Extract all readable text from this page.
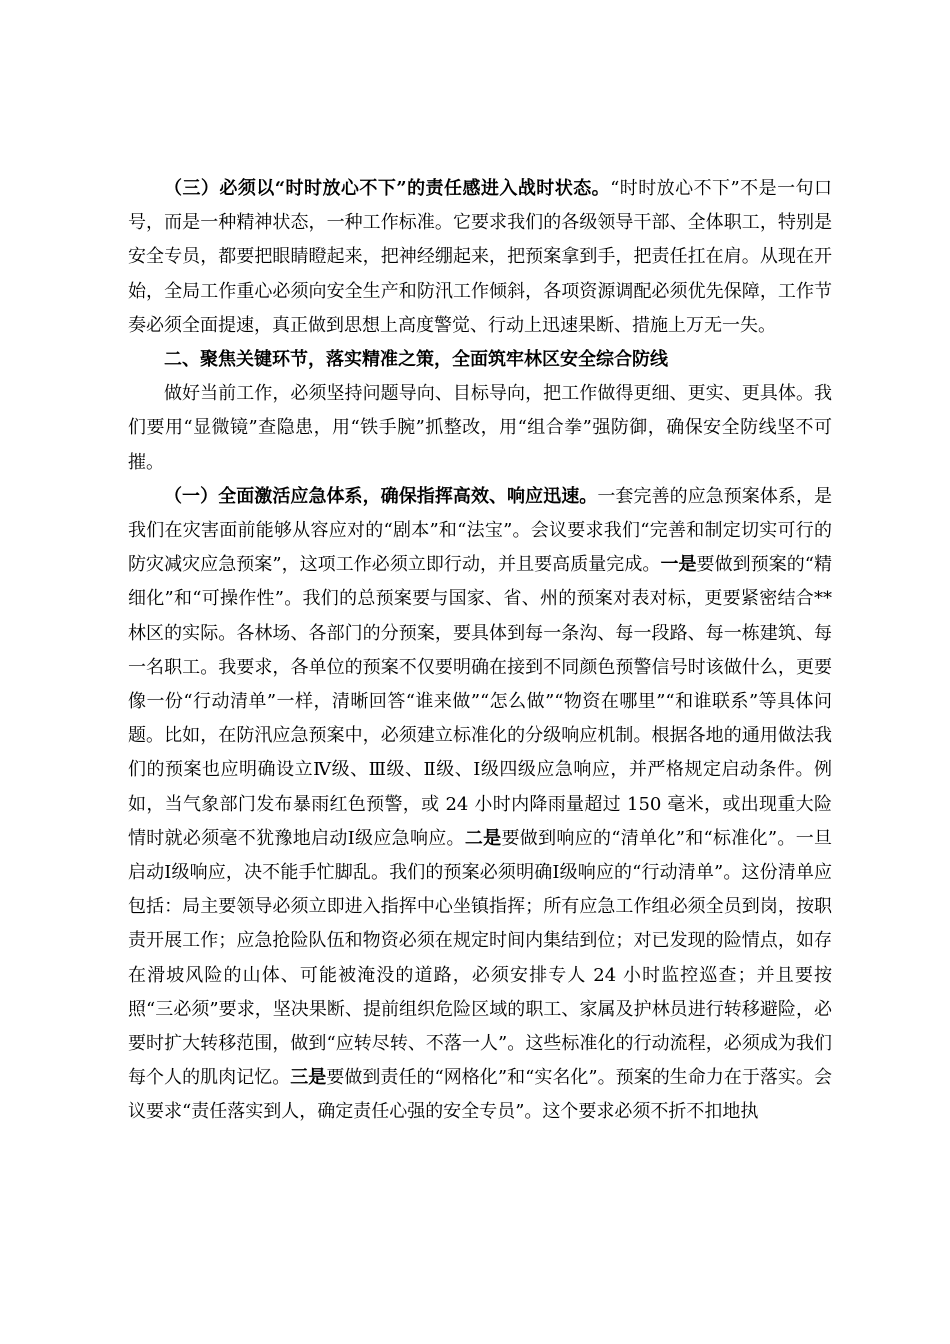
（三）必须以“时时放心不下”的责任感进入战时状态。“时时放心不下”不是一句口号，而是一种精神状态，一种工作标准。它要求我们的各级领导干部、全体职工，特别是安全专员，都要把眼睛瞪起来，把神经绷起来，把预案拿到手，把责任扛在肩。从现在开始，全局工作重心必须向安全生产和防汛工作倾斜，各项资源调配必须优先保障，工作节奏必须全面提速，真正做到思想上高度警觉、行动上迅速果断、措施上万无一失。

二、聚焦关键环节，落实精准之策，全面筑牢林区安全综合防线

做好当前工作，必须坚持问题导向、目标导向，把工作做得更细、更实、更具体。我们要用“显微镜”查隐患，用“铁手腕”抓整改，用“组合拳”强防御，确保安全防线坚不可摧。

（一）全面激活应急体系，确保指挥高效、响应迅速。一套完善的应急预案体系，是我们在灾害面前能够从容应对的“剧本”和“法宝”。会议要求我们“完善和制定切实可行的防灾减灾应急预案”，这项工作必须立即行动，并且要高质量完成。一是要做到预案的“精细化”和“可操作性”。我们的总预案要与国家、省、州的预案对表对标，更要紧密结合**林区的实际。各林场、各部门的分预案，要具体到每一条沟、每一段路、每一栋建筑、每一名职工。我要求，各单位的预案不仅要明确在接到不同颜色预警信号时该做什么，更要像一份“行动清单”一样，清晰回答“谁来做”“怎么做”“物资在哪里”“和谁联系”等具体问题。比如，在防汛应急预案中，必须建立标准化的分级响应机制。根据各地的通用做法我们的预案也应明确设立Ⅳ级、Ⅲ级、Ⅱ级、Ⅰ级四级应急响应，并严格规定启动条件。例如，当气象部门发布暴雨红色预警，或 24 小时内降雨量超过 150 毫米，或出现重大险情时就必须毫不犹豫地启动Ⅰ级应急响应。二是要做到响应的“清单化”和“标准化”。一旦启动Ⅰ级响应，决不能手忙脚乱。我们的预案必须明确Ⅰ级响应的“行动清单”。这份清单应包括：局主要领导必须立即进入指挥中心坐镇指挥；所有应急工作组必须全员到岗，按职责开展工作；应急抢险队伍和物资必须在规定时间内集结到位；对已发现的险情点，如存在滑坡风险的山体、可能被淹没的道路，必须安排专人 24 小时监控巡查；并且要按照“三必须”要求，坚决果断、提前组织危险区域的职工、家属及护林员进行转移避险，必要时扩大转移范围，做到“应转尽转、不落一人”。这些标准化的行动流程，必须成为我们每个人的肌肉记忆。三是要做到责任的“网格化”和“实名化”。预案的生命力在于落实。会议要求“责任落实到人，确定责任心强的安全专员”。这个要求必须不折不扣地执
